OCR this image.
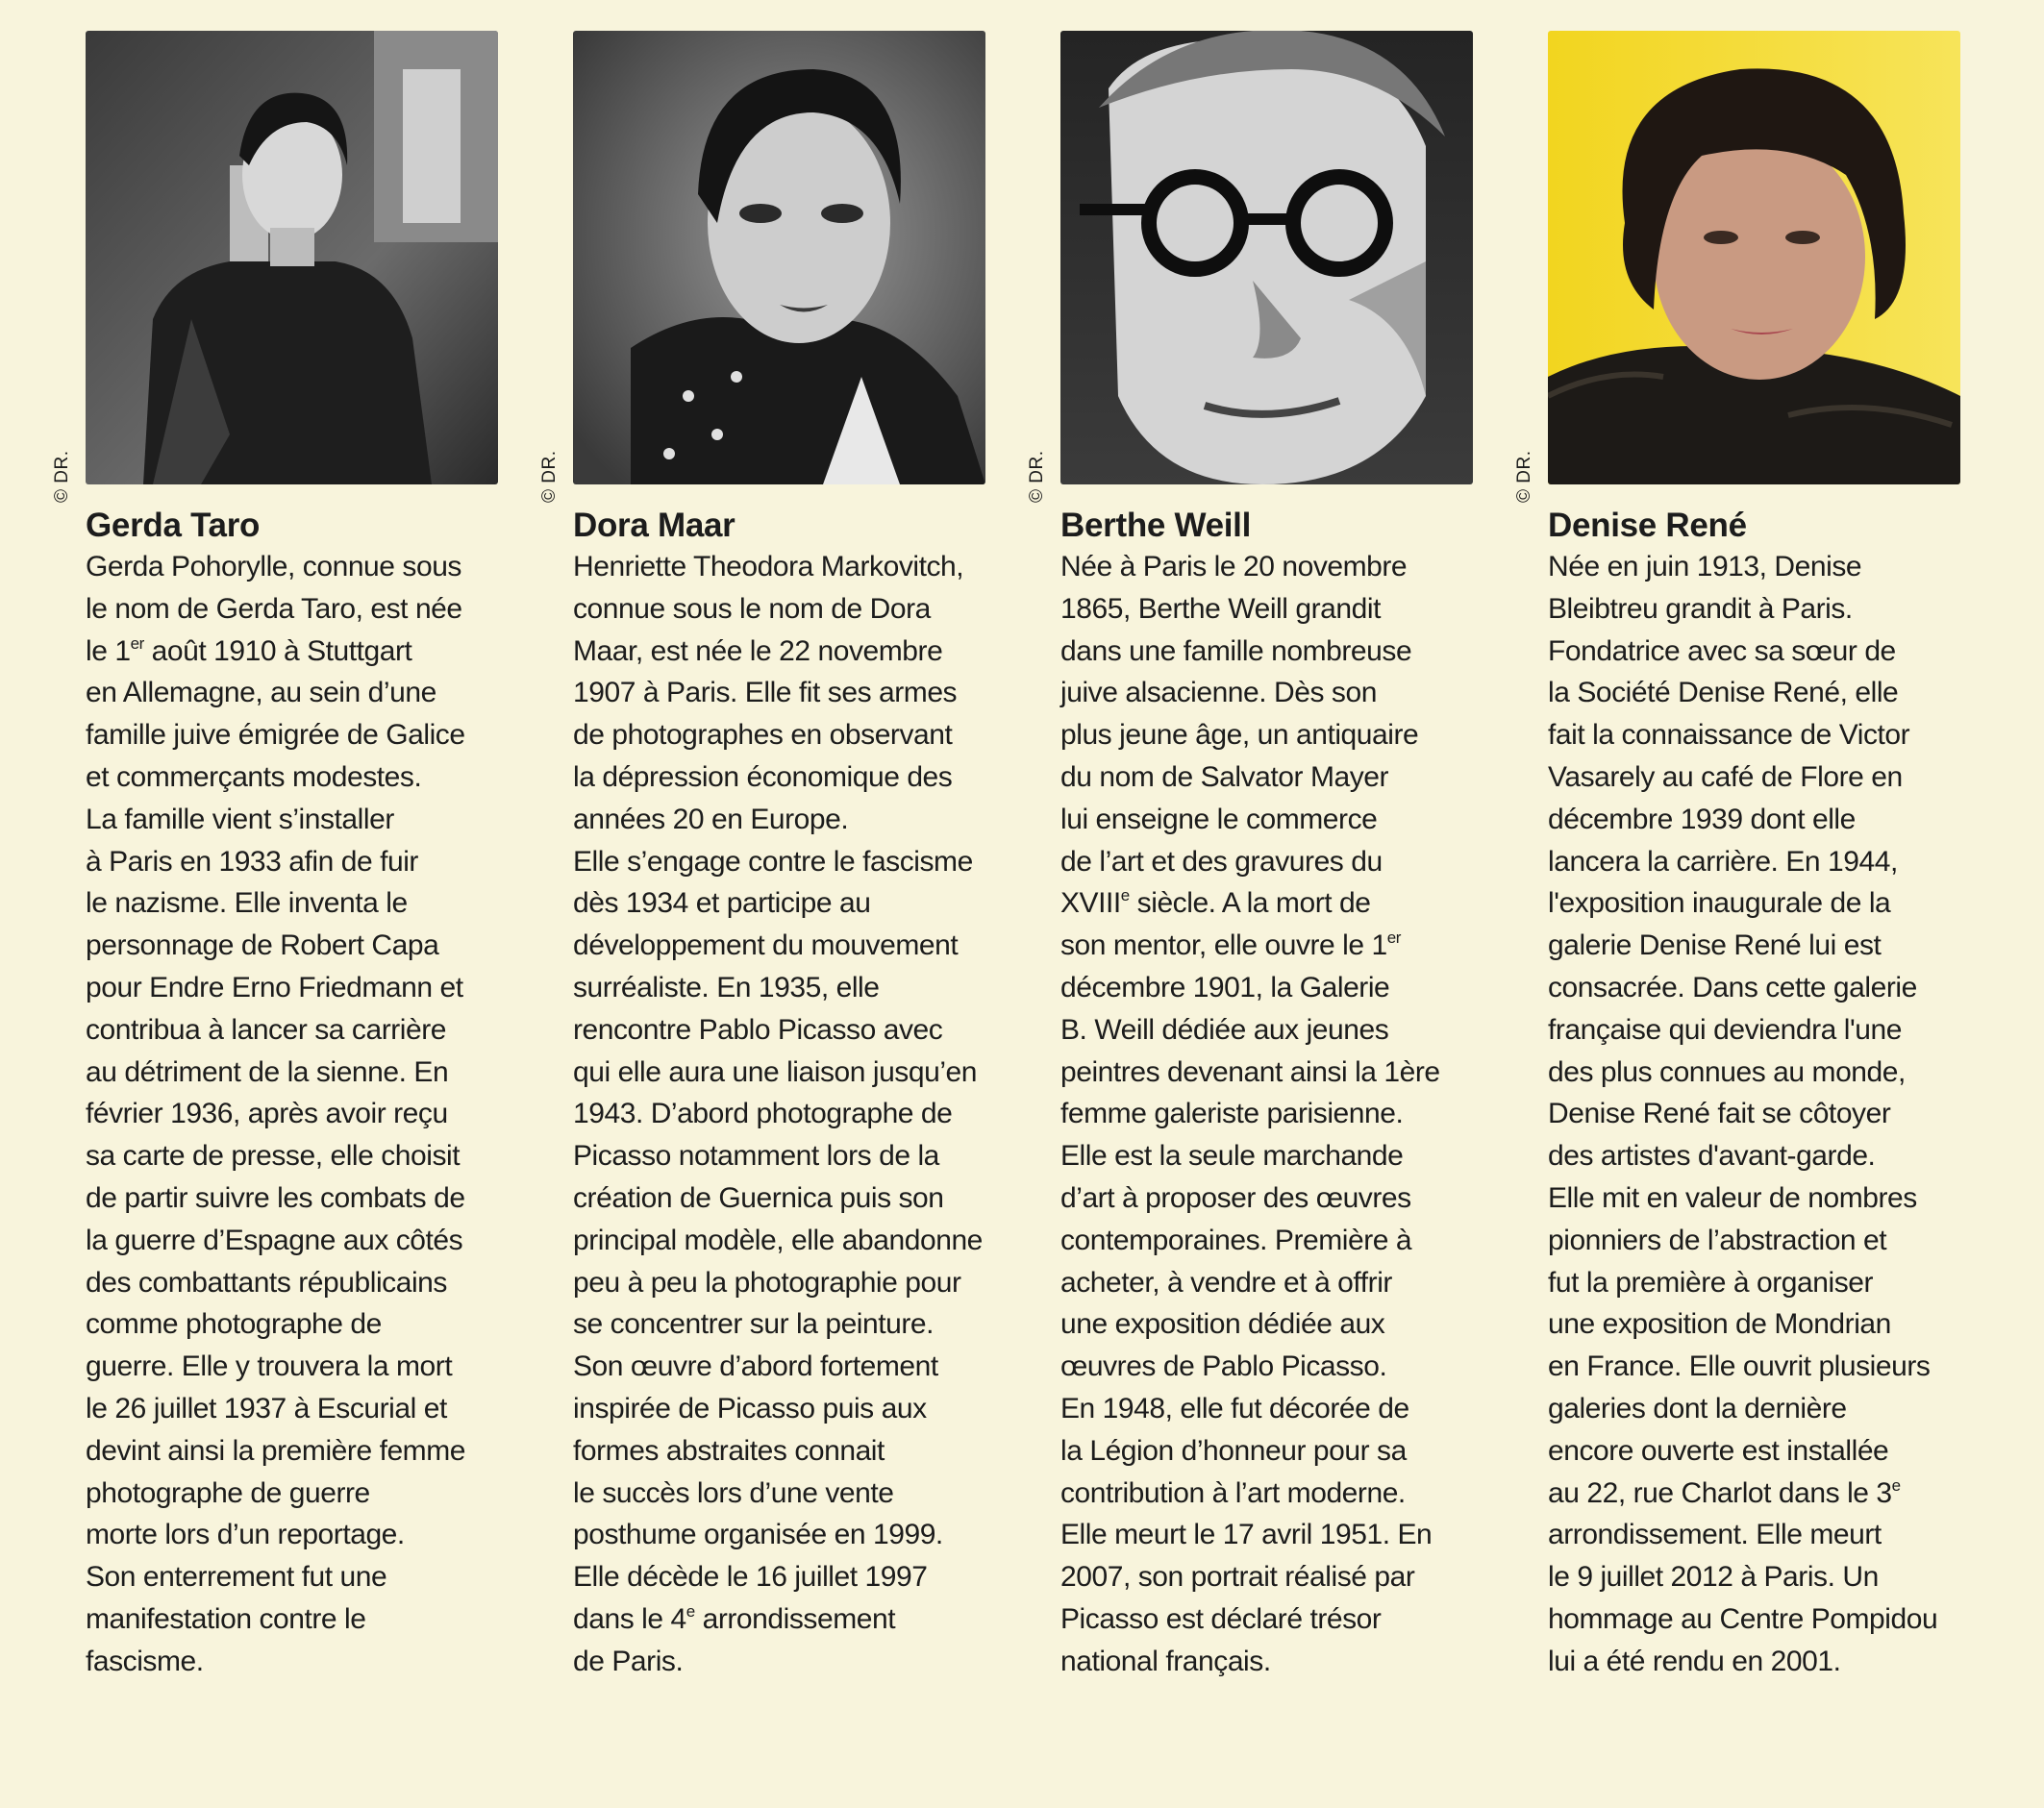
© DR.
Gerda Taro
Gerda Pohorylle, connue sous
le nom de Gerda Taro, est née
le 1er août 1910 à Stuttgart
en Allemagne, au sein d’une
famille juive émigrée de Galice
et commerçants modestes.
La famille vient s’installer
à Paris en 1933 afin de fuir
le nazisme. Elle inventa le
personnage de Robert Capa
pour Endre Erno Friedmann et
contribua à lancer sa carrière
au détriment de la sienne. En
février 1936, après avoir reçu
sa carte de presse, elle choisit
de partir suivre les combats de
la guerre d’Espagne aux côtés
des combattants républicains
comme photographe de
guerre. Elle y trouvera la mort
le 26 juillet 1937 à Escurial et
devint ainsi la première femme
photographe de guerre
morte lors d’un reportage.
Son enterrement fut une
manifestation contre le
fascisme.
© DR.
Dora Maar
Henriette Theodora Markovitch,
connue sous le nom de Dora
Maar, est née le 22 novembre
1907 à Paris. Elle fit ses armes
de photographes en observant
la dépression économique des
années 20 en Europe.
Elle s’engage contre le fascisme
dès 1934 et participe au
développement du mouvement
surréaliste. En 1935, elle
rencontre Pablo Picasso avec
qui elle aura une liaison jusqu’en
1943. D’abord photographe de
Picasso notamment lors de la
création de Guernica puis son
principal modèle, elle abandonne
peu à peu la photographie pour
se concentrer sur la peinture.
Son œuvre d’abord fortement
inspirée de Picasso puis aux
formes abstraites connait
le succès lors d’une vente
posthume organisée en 1999.
Elle décède le 16 juillet 1997
dans le 4e arrondissement
de Paris.
© DR.
Berthe Weill
Née à Paris le 20 novembre
1865, Berthe Weill grandit
dans une famille nombreuse
juive alsacienne. Dès son
plus jeune âge, un antiquaire
du nom de Salvator Mayer
lui enseigne le commerce
de l’art et des gravures du
XVIIIe siècle. A la mort de
son mentor, elle ouvre le 1er
décembre 1901, la Galerie
B. Weill dédiée aux jeunes
peintres devenant ainsi la 1ère
femme galeriste parisienne.
Elle est la seule marchande
d’art à proposer des œuvres
contemporaines. Première à
acheter, à vendre et à offrir
une exposition dédiée aux
œuvres de Pablo Picasso.
En 1948, elle fut décorée de
la Légion d’honneur pour sa
contribution à l’art moderne.
Elle meurt le 17 avril 1951. En
2007, son portrait réalisé par
Picasso est déclaré trésor
national français.
© DR.
Denise René
Née en juin 1913, Denise
Bleibtreu grandit à Paris.
Fondatrice avec sa sœur de
la Société Denise René, elle
fait la connaissance de Victor
Vasarely au café de Flore en
décembre 1939 dont elle
lancera la carrière. En 1944,
l'exposition inaugurale de la
galerie Denise René lui est
consacrée. Dans cette galerie
française qui deviendra l'une
des plus connues au monde,
Denise René fait se côtoyer
des artistes d'avant-garde.
Elle mit en valeur de nombres
pionniers de l’abstraction et
fut la première à organiser
une exposition de Mondrian
en France. Elle ouvrit plusieurs
galeries dont la dernière
encore ouverte est installée
au 22, rue Charlot dans le 3e
arrondissement. Elle meurt
le 9 juillet 2012 à Paris. Un
hommage au Centre Pompidou
lui a été rendu en 2001.
